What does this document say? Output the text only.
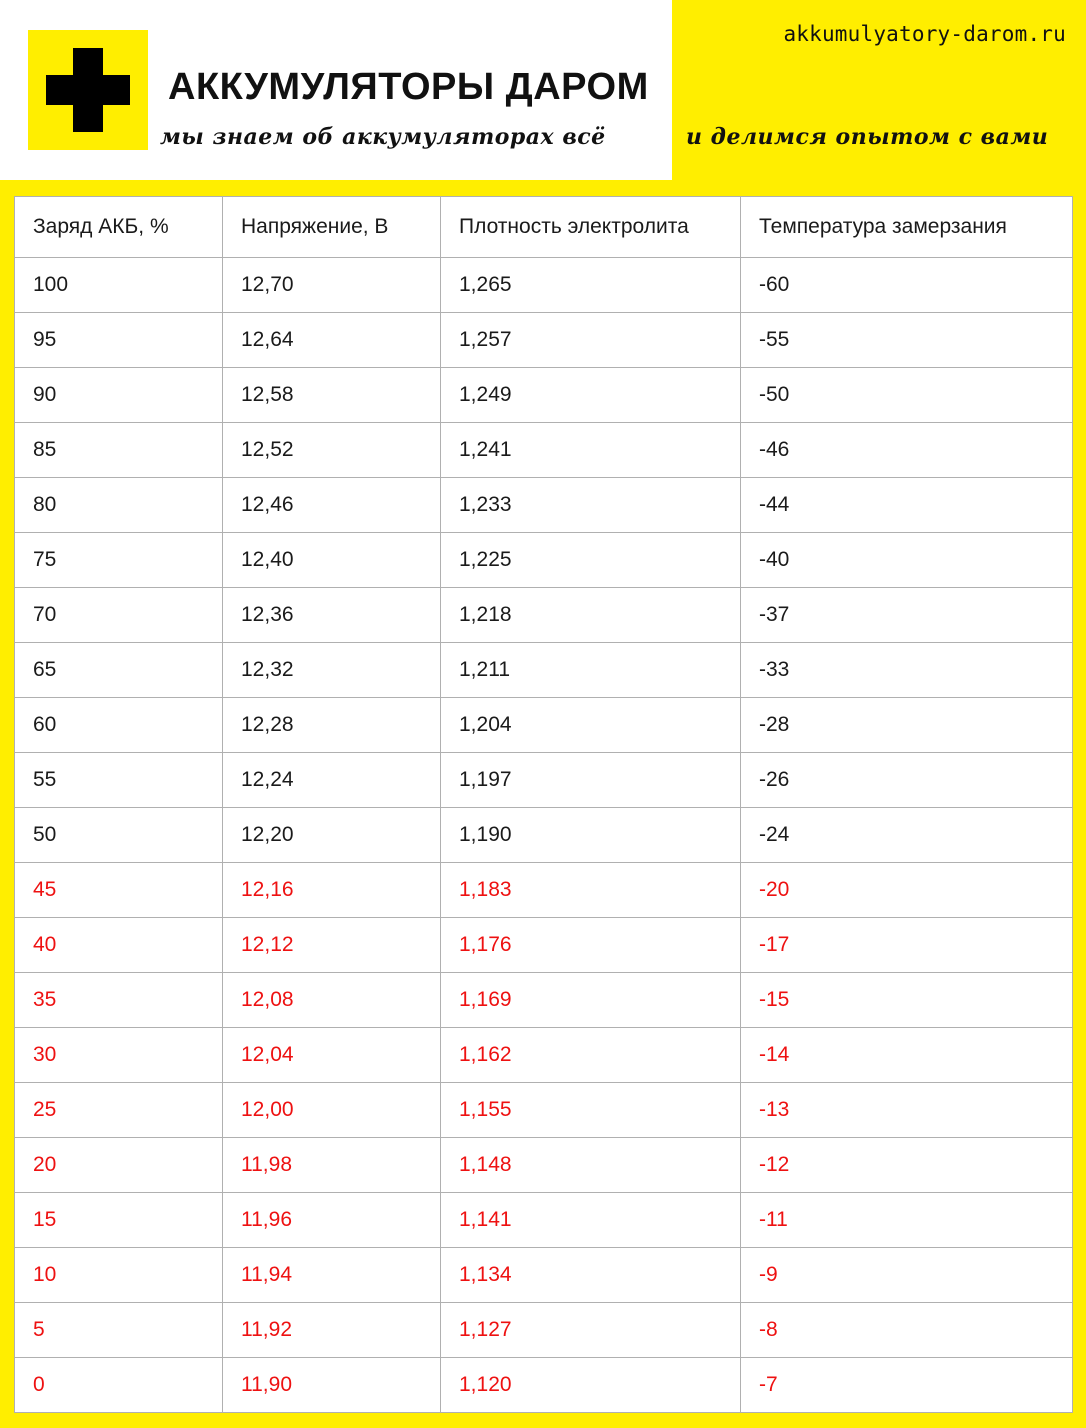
akkumulyatory-darom.ru
АККУМУЛЯТОРЫ ДАРОМ
мы знаем об аккумуляторах всё	и делимся опытом с вами
Заряд АКБ, %	Напряжение, В	Плотность электролита	Температура замерзания
100	12,70	1,265	-60
95	12,64	1,257	-55
90	12,58	1,249	-50
85	12,52	1,241	-46
80	12,46	1,233	-44
75	12,40	1,225	-40
70	12,36	1,218	-37
65	12,32	1,211	-33
60	12,28	1,204	-28
55	12,24	1,197	-26
50	12,20	1,190	-24
45	12,16	1,183	-20
40	12,12	1,176	-17
35	12,08	1,169	-15
30	12,04	1,162	-14
25	12,00	1,155	-13
20	11,98	1,148	-12
15	11,96	1,141	-11
10	11,94	1,134	-9
5	11,92	1,127	-8
0	11,90	1,120	-7
